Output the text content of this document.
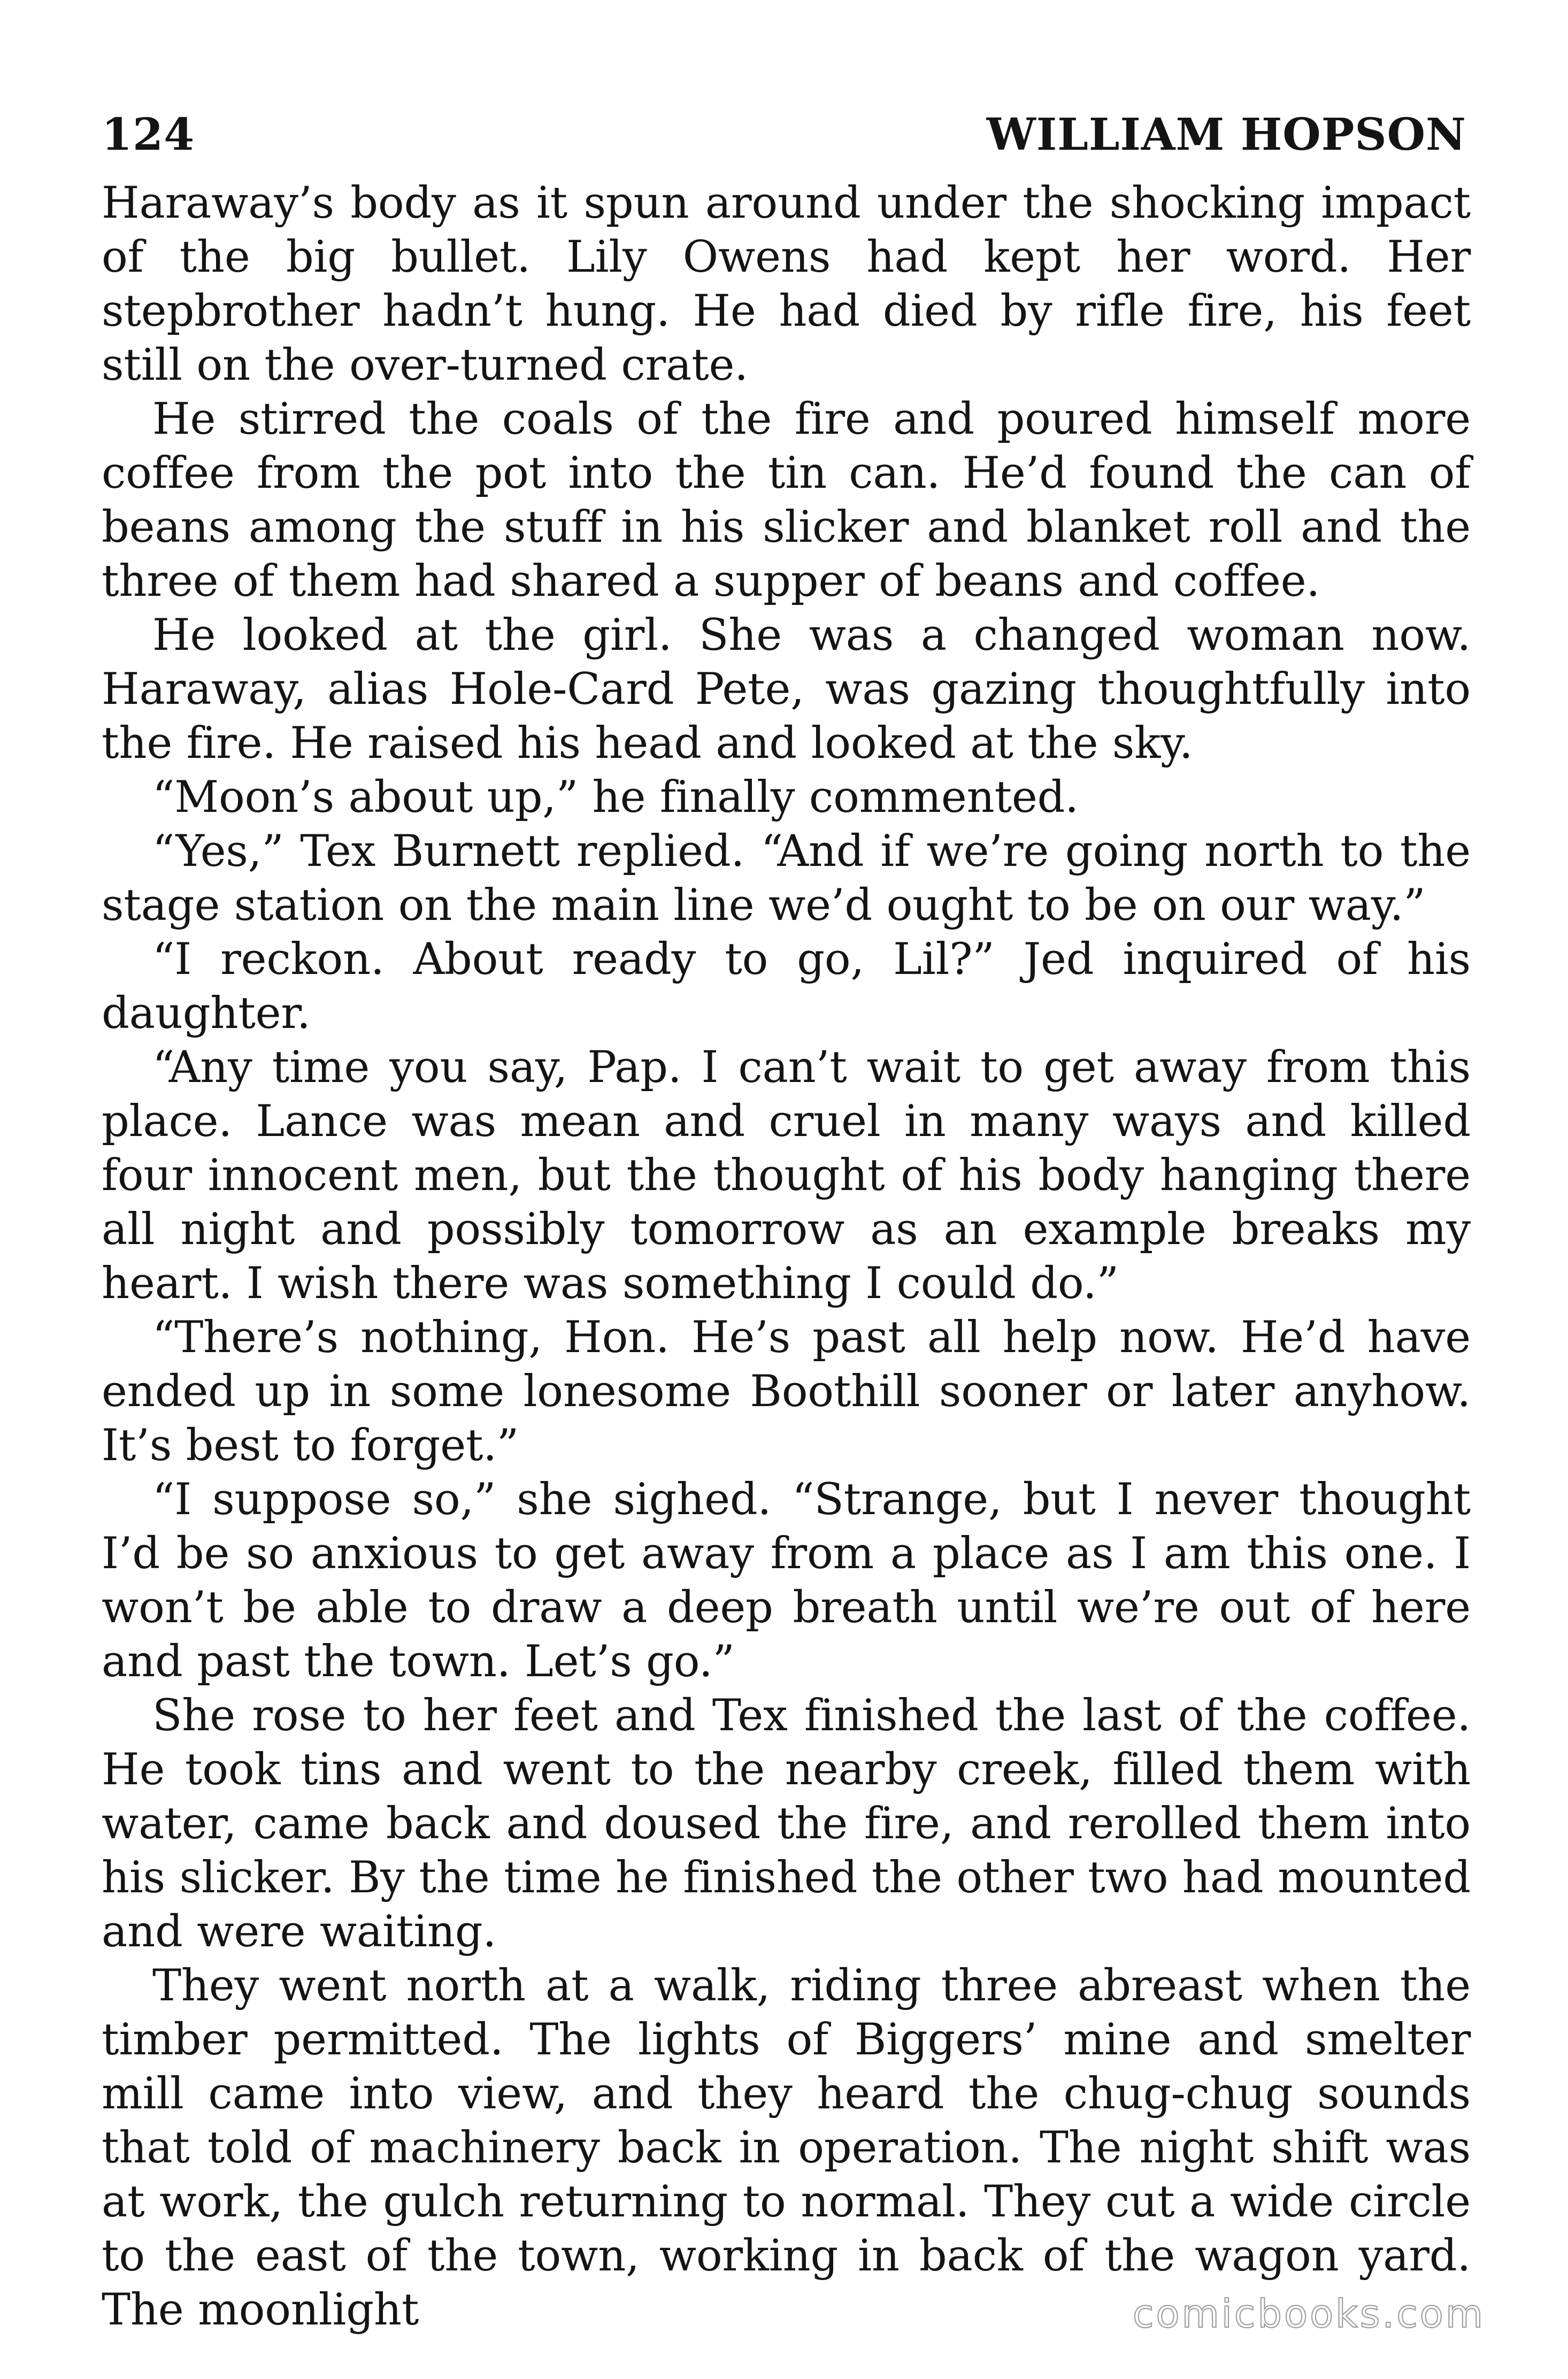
124	WILLIAM HOPSON

Haraway’s body as it spun around under the shocking impact of the big bullet. Lily Owens had kept her word. Her stepbrother hadn’t hung. He had died by rifle fire, his feet still on the over-turned crate.

He stirred the coals of the fire and poured himself more coffee from the pot into the tin can. He’d found the can of beans among the stuff in his slicker and blanket roll and the three of them had shared a supper of beans and coffee.

He looked at the girl. She was a changed woman now. Haraway, alias Hole-Card Pete, was gazing thoughtfully into the fire. He raised his head and looked at the sky.

“Moon’s about up,” he finally commented.

“Yes,” Tex Burnett replied. “And if we’re going north to the stage station on the main line we’d ought to be on our way.”

“I reckon. About ready to go, Lil?” Jed inquired of his daughter.

“Any time you say, Pap. I can’t wait to get away from this place. Lance was mean and cruel in many ways and killed four innocent men, but the thought of his body hanging there all night and possibly tomorrow as an example breaks my heart. I wish there was something I could do.”

“There’s nothing, Hon. He’s past all help now. He’d have ended up in some lonesome Boothill sooner or later anyhow. It’s best to forget.”

“I suppose so,” she sighed. “Strange, but I never thought I’d be so anxious to get away from a place as I am this one. I won’t be able to draw a deep breath until we’re out of here and past the town. Let’s go.”

She rose to her feet and Tex finished the last of the coffee. He took tins and went to the nearby creek, filled them with water, came back and doused the fire, and rerolled them into his slicker. By the time he finished the other two had mounted and were waiting.

They went north at a walk, riding three abreast when the timber permitted. The lights of Biggers’ mine and smelter mill came into view, and they heard the chug-chug sounds that told of machinery back in operation. The night shift was at work, the gulch returning to normal. They cut a wide circle to the east of the town, working in back of the wagon yard. The moonlight	comicbooks.com
